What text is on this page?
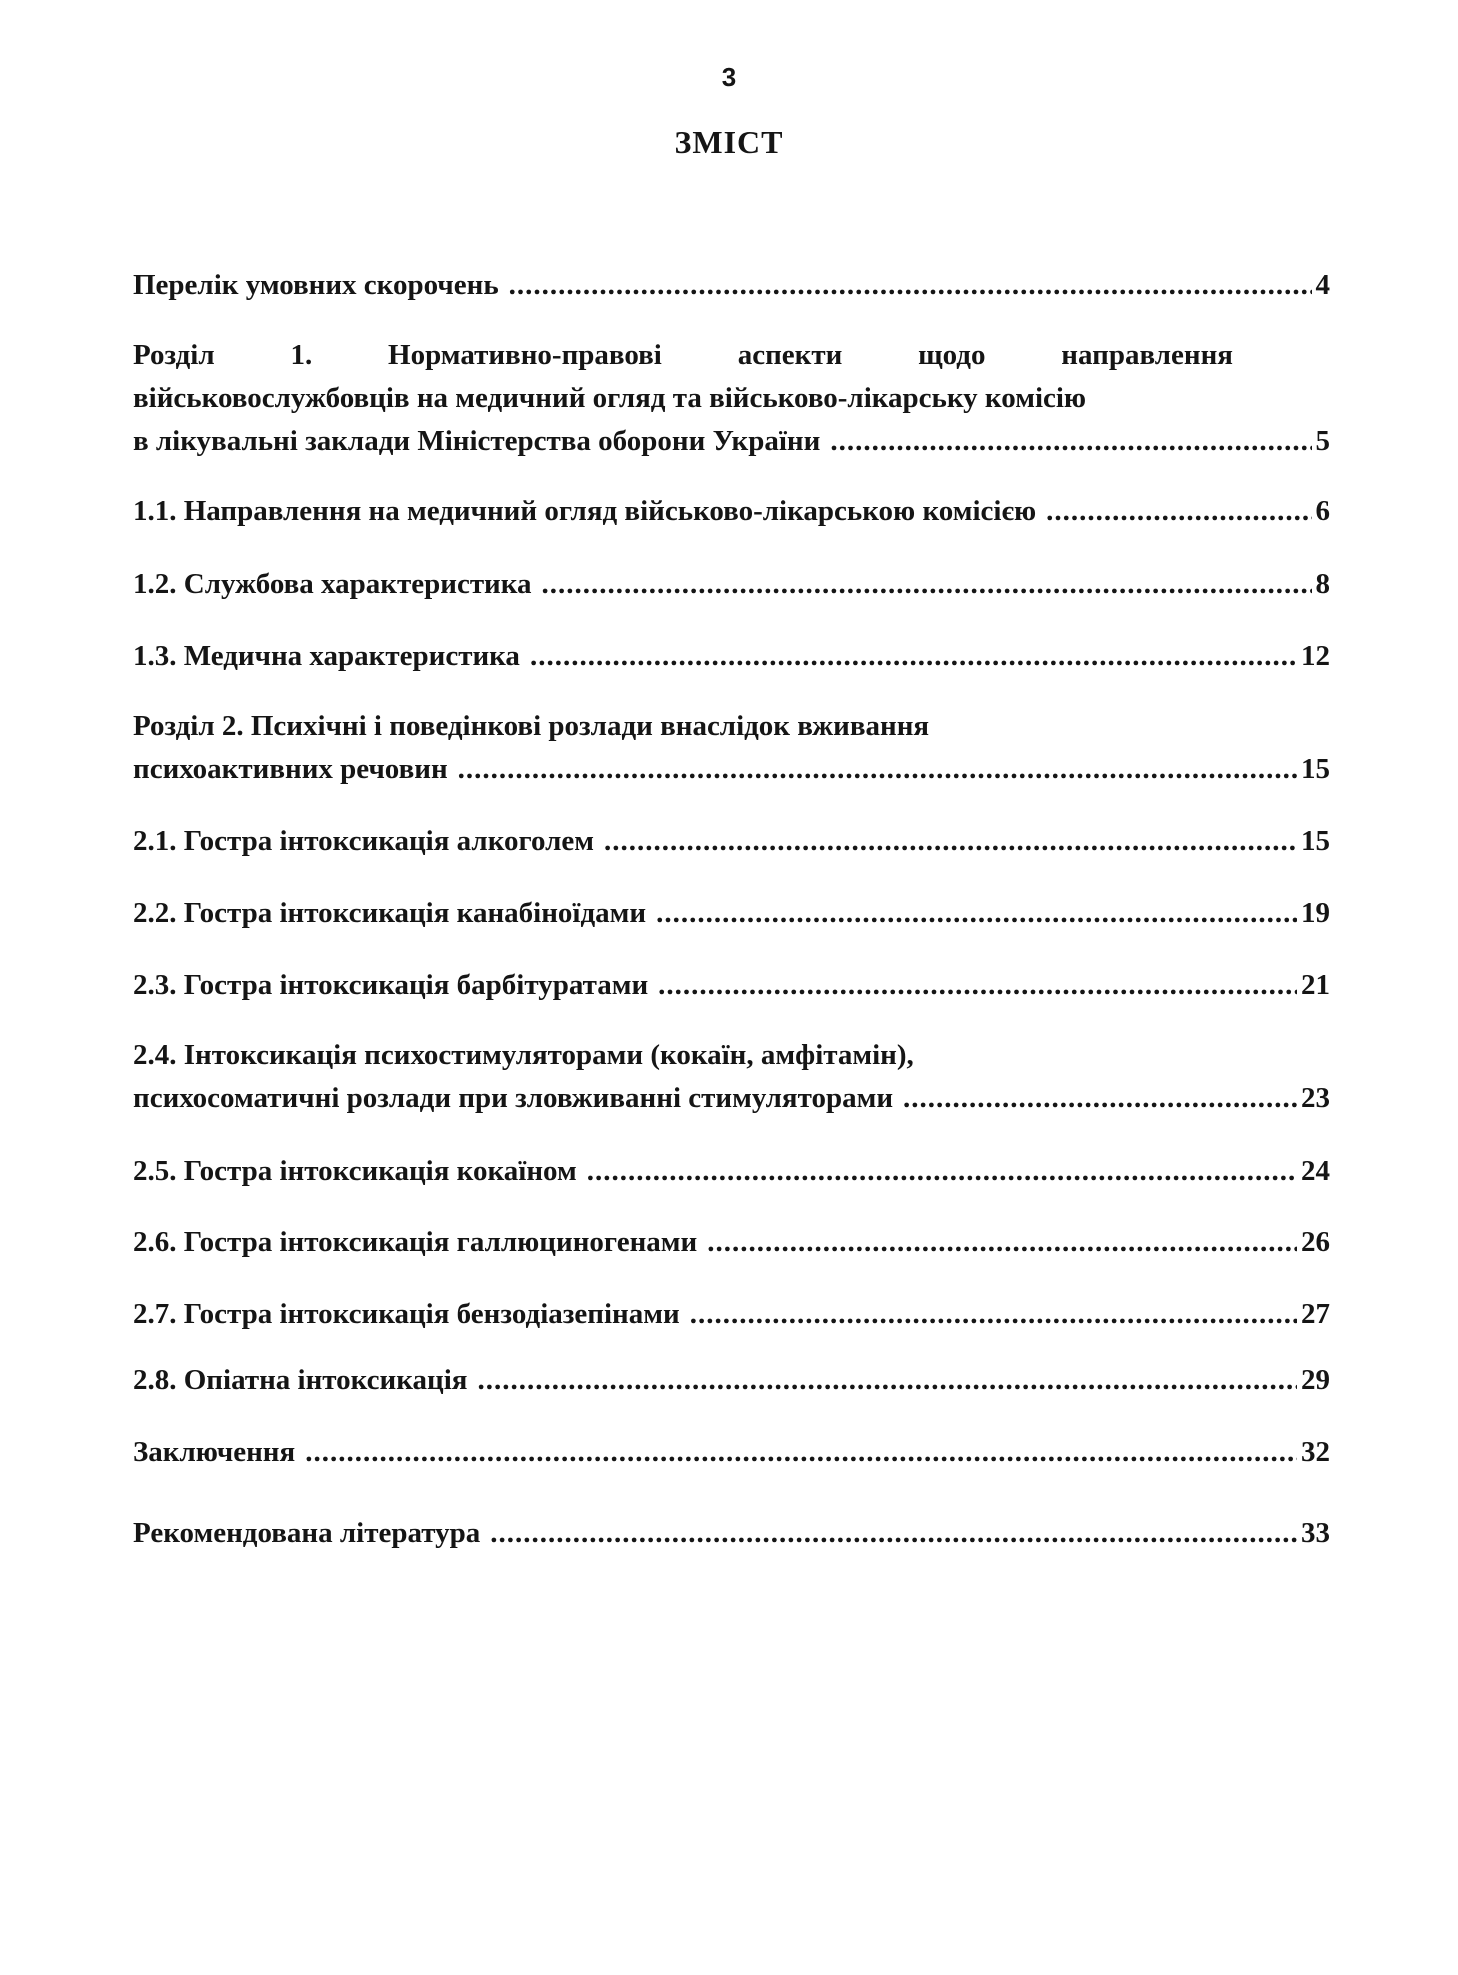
3
ЗМІСТ
Перелік умовних скорочень .....	4
Розділ 1. Нормативно-правові аспекти щодо направлення
військовослужбовців на медичний огляд та військово-лікарську комісію
в лікувальні заклади Міністерства оборони України .....	5
1.1. Направлення на медичний огляд військово-лікарською комісією .....	6
1.2. Службова характеристика .....	8
1.3. Медична характеристика .....	12
Розділ 2. Психічні і поведінкові розлади внаслідок вживання
психоактивних речовин .....	15
2.1. Гостра інтоксикація алкоголем .....	15
2.2. Гостра інтоксикація канабіноїдами .....	19
2.3. Гостра інтоксикація барбітуратами .....	21
2.4. Інтоксикація психостимуляторами (кокаїн, амфітамін),
психосоматичні розлади при зловживанні стимуляторами .....	23
2.5. Гостра інтоксикація кокаїном .....	24
2.6. Гостра інтоксикація галлюциногенами .....	26
2.7. Гостра інтоксикація бензодіазепінами .....	27
2.8. Опіатна інтоксикація .....	29
Заключення .....	32
Рекомендована література .....	33
